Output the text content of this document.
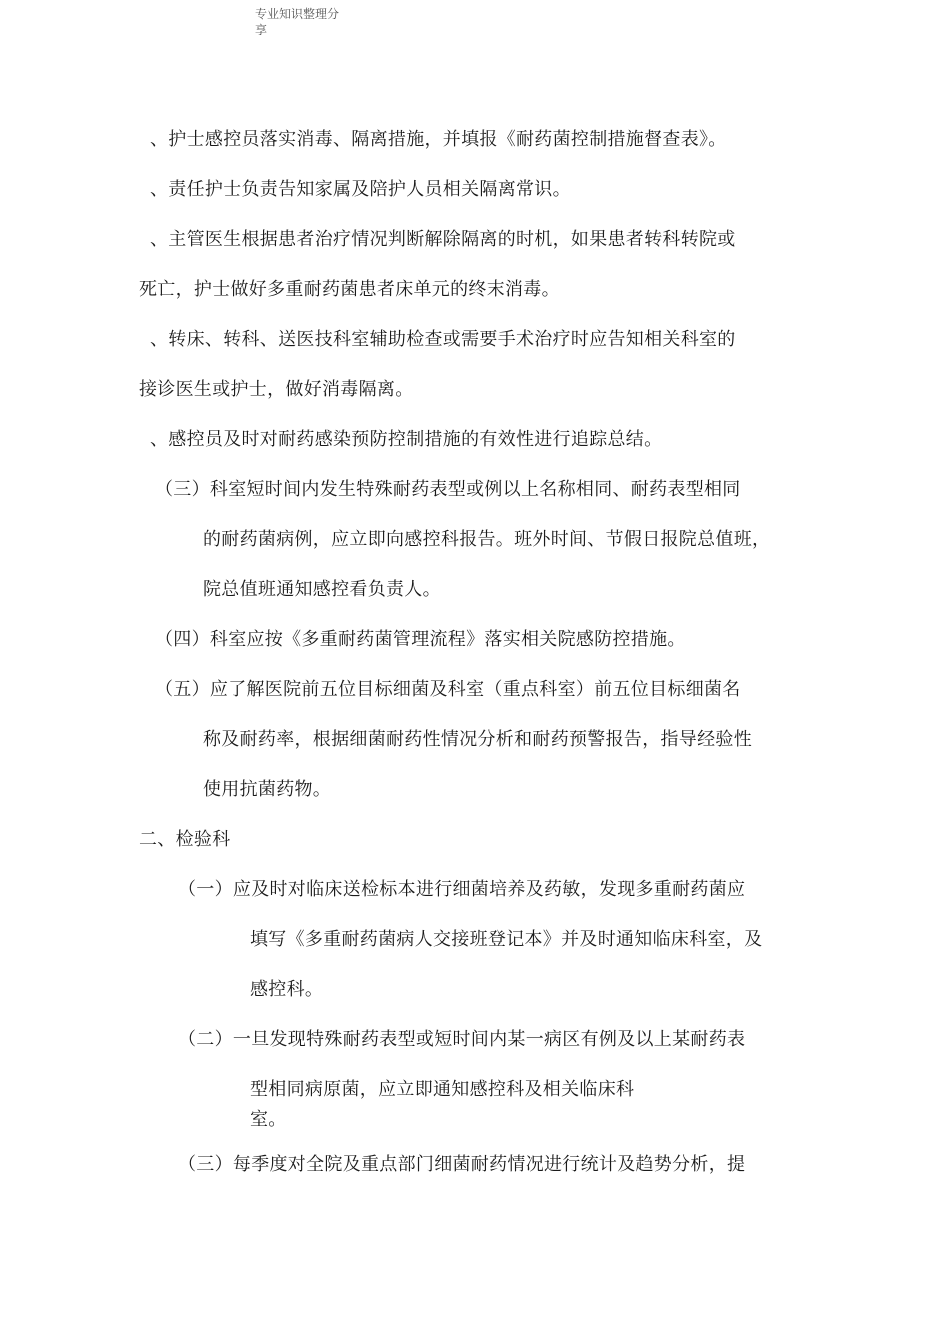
专业知识整理分
享
、护士感控员落实消毒、隔离措施，并填报《耐药菌控制措施督查表》。
、责任护士负责告知家属及陪护人员相关隔离常识。
、主管医生根据患者治疗情况判断解除隔离的时机，如果患者转科转院或
死亡，护士做好多重耐药菌患者床单元的终末消毒。
、转床、转科、送医技科室辅助检查或需要手术治疗时应告知相关科室的
接诊医生或护士，做好消毒隔离。
、感控员及时对耐药感染预防控制措施的有效性进行追踪总结。
（三）科室短时间内发生特殊耐药表型或例以上名称相同、耐药表型相同
的耐药菌病例，应立即向感控科报告。班外时间、节假日报院总值班，
院总值班通知感控看负责人。
（四）科室应按《多重耐药菌管理流程》落实相关院感防控措施。
（五）应了解医院前五位目标细菌及科室（重点科室）前五位目标细菌名
称及耐药率，根据细菌耐药性情况分析和耐药预警报告，指导经验性
使用抗菌药物。
二、检验科
（一）应及时对临床送检标本进行细菌培养及药敏，发现多重耐药菌应
填写《多重耐药菌病人交接班登记本》并及时通知临床科室，及
感控科。
（二）一旦发现特殊耐药表型或短时间内某一病区有例及以上某耐药表
型相同病原菌，应立即通知感控科及相关临床科
室。
（三）每季度对全院及重点部门细菌耐药情况进行统计及趋势分析，提
